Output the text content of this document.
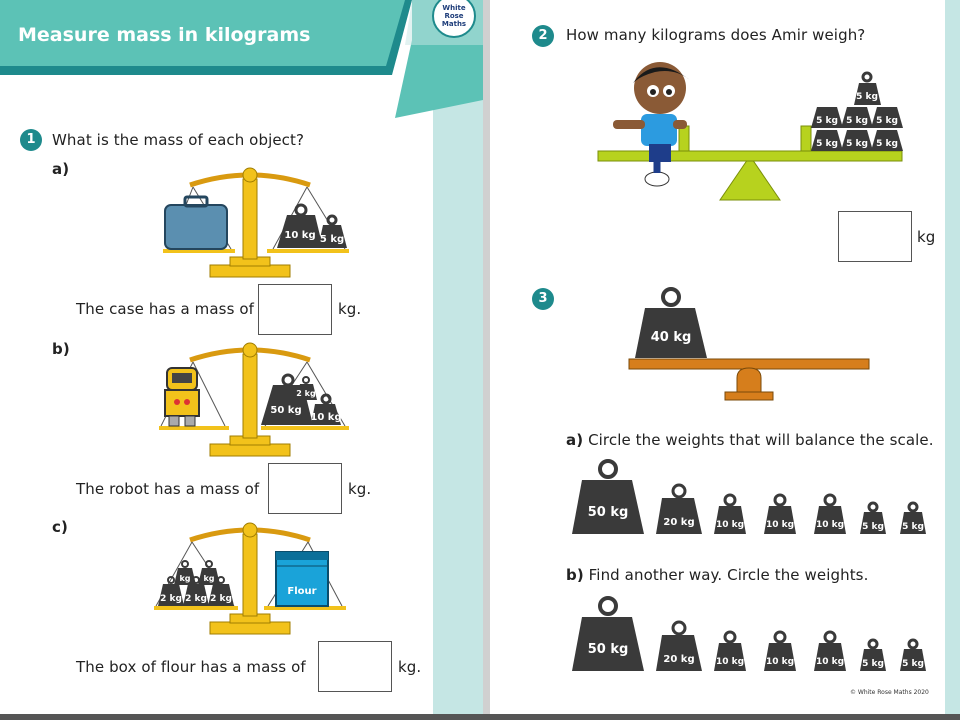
Measure mass in kilograms
White
Rose
Maths
1	What is the mass of each object?
a)
10 kg 5 kg
The case has a mass of	kg.
b)
50 kg
2 kg
10 kg
The robot has a mass of	kg.
c)
kg kg
2 kg 2 kg 2 kg
Flour
The box of flour has a mass of	kg.
2	How many kilograms does Amir weigh?
5 kg 5 kg 5 kg
5 kg 5 kg 5 kg
5 kg
kg
3
40 kg
a) Circle the weights that will balance the scale.
50 kg
20 kg 10 kg 10 kg 10 kg 5 kg 5 kg
b) Find another way. Circle the weights.
50 kg
20 kg 10 kg 10 kg 10 kg 5 kg 5 kg
© White Rose Maths 2020
